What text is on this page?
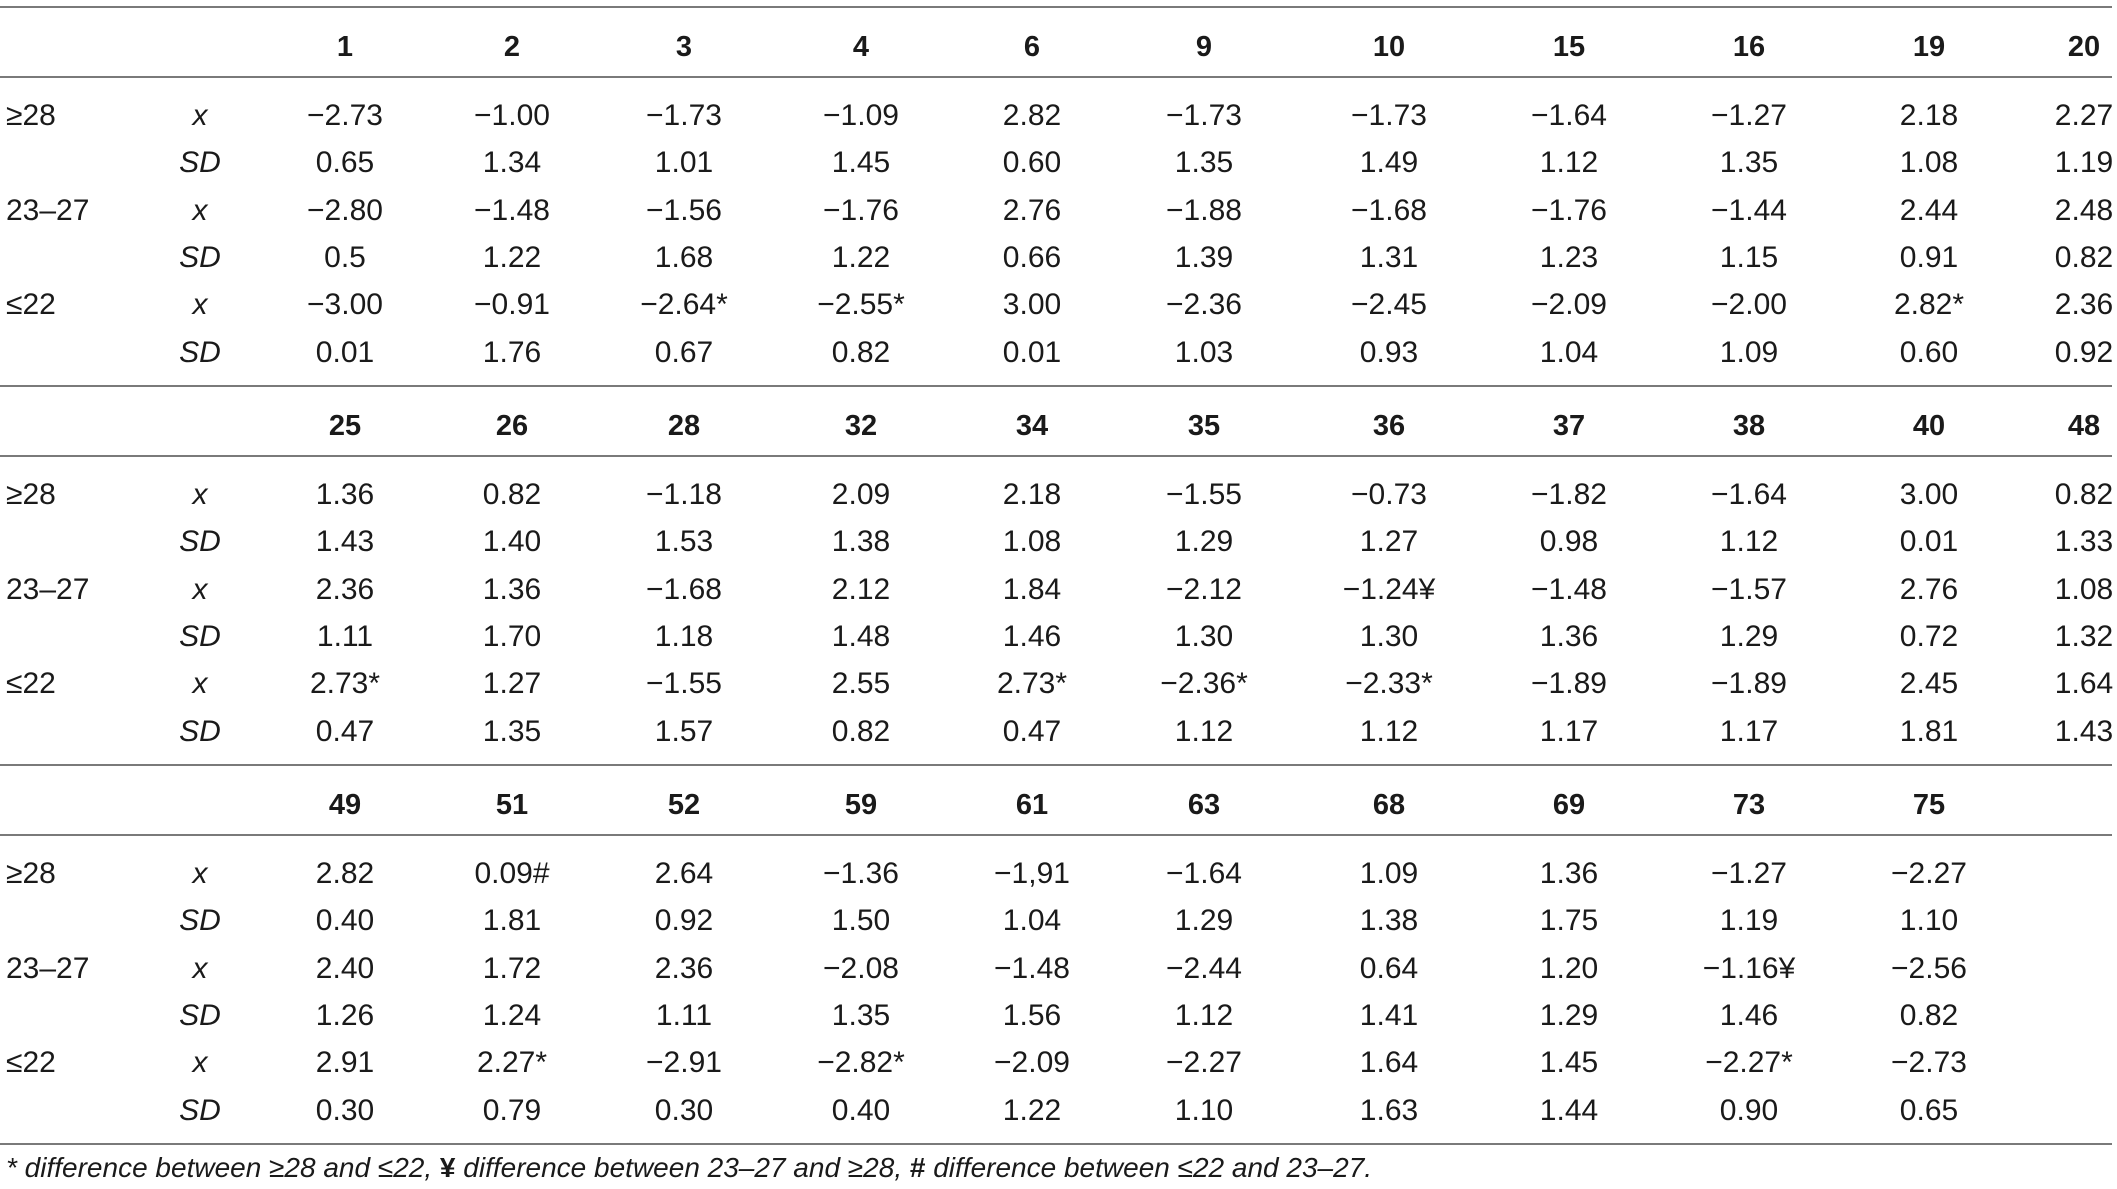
1	2	3	4	6	9	10	15	16	19	20
≥28	x	−2.73	−1.00	−1.73	−1.09	2.82	−1.73	−1.73	−1.64	−1.27	2.18	2.27
SD	0.65	1.34	1.01	1.45	0.60	1.35	1.49	1.12	1.35	1.08	1.19
23–27	x	−2.80	−1.48	−1.56	−1.76	2.76	−1.88	−1.68	−1.76	−1.44	2.44	2.48
SD	0.5	1.22	1.68	1.22	0.66	1.39	1.31	1.23	1.15	0.91	0.82
≤22	x	−3.00	−0.91	−2.64*	−2.55*	3.00	−2.36	−2.45	−2.09	−2.00	2.82*	2.36
SD	0.01	1.76	0.67	0.82	0.01	1.03	0.93	1.04	1.09	0.60	0.92
25	26	28	32	34	35	36	37	38	40	48
≥28	x	1.36	0.82	−1.18	2.09	2.18	−1.55	−0.73	−1.82	−1.64	3.00	0.82
SD	1.43	1.40	1.53	1.38	1.08	1.29	1.27	0.98	1.12	0.01	1.33
23–27	x	2.36	1.36	−1.68	2.12	1.84	−2.12	−1.24¥	−1.48	−1.57	2.76	1.08
SD	1.11	1.70	1.18	1.48	1.46	1.30	1.30	1.36	1.29	0.72	1.32
≤22	x	2.73*	1.27	−1.55	2.55	2.73*	−2.36*	−2.33*	−1.89	−1.89	2.45	1.64
SD	0.47	1.35	1.57	0.82	0.47	1.12	1.12	1.17	1.17	1.81	1.43
49	51	52	59	61	63	68	69	73	75
≥28	x	2.82	0.09#	2.64	−1.36	−1,91	−1.64	1.09	1.36	−1.27	−2.27
SD	0.40	1.81	0.92	1.50	1.04	1.29	1.38	1.75	1.19	1.10
23–27	x	2.40	1.72	2.36	−2.08	−1.48	−2.44	0.64	1.20	−1.16¥	−2.56
SD	1.26	1.24	1.11	1.35	1.56	1.12	1.41	1.29	1.46	0.82
≤22	x	2.91	2.27*	−2.91	−2.82*	−2.09	−2.27	1.64	1.45	−2.27*	−2.73
SD	0.30	0.79	0.30	0.40	1.22	1.10	1.63	1.44	0.90	0.65
* difference between ≥28 and ≤22, ¥ difference between 23–27 and ≥28, # difference between ≤22 and 23–27.
